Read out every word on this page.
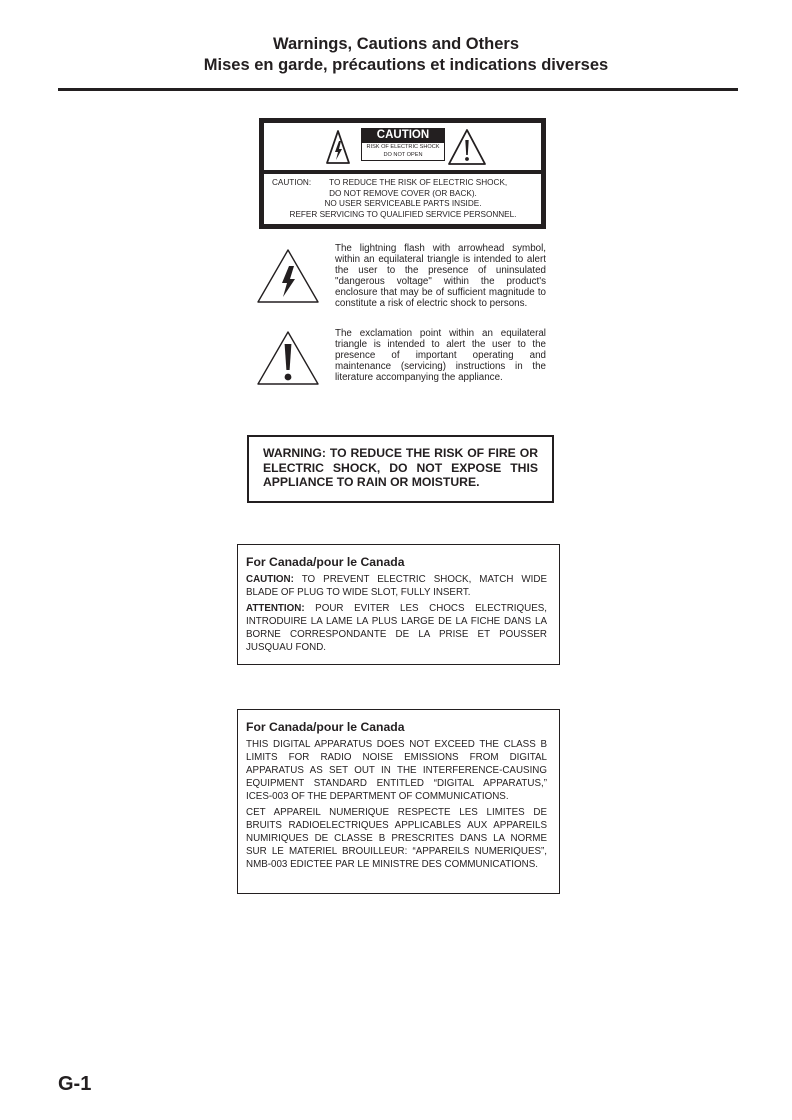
Warnings, Cautions and Others

Mises en garde, précautions et indications diverses

CAUTION
RISK OF ELECTRIC SHOCK
DO NOT OPEN
CAUTION:        TO REDUCE THE RISK OF ELECTRIC SHOCK,
DO NOT REMOVE COVER (OR BACK).
NO USER SERVICEABLE PARTS INSIDE.
REFER SERVICING TO QUALIFIED SERVICE PERSONNEL.

The lightning flash with arrowhead symbol, within an equilateral triangle is intended to alert the user to the presence of uninsulated "dangerous voltage" within the product's enclosure that may be of sufficient magnitude to constitute a risk of electric shock to persons.

The exclamation point within an equilateral triangle is intended to alert the user to the presence of important operating and maintenance (servicing) instructions in the literature accompanying the appliance.

WARNING: TO REDUCE THE RISK OF FIRE OR ELECTRIC SHOCK, DO NOT EXPOSE THIS APPLIANCE TO RAIN OR MOISTURE.

For Canada/pour le Canada

CAUTION: TO PREVENT ELECTRIC SHOCK, MATCH WIDE BLADE OF PLUG TO WIDE SLOT, FULLY INSERT.

ATTENTION: POUR EVITER LES CHOCS ELECTRIQUES, INTRODUIRE LA LAME LA PLUS LARGE DE LA FICHE DANS LA BORNE CORRESPONDANTE DE LA PRISE ET POUSSER JUSQUAU FOND.

For Canada/pour le Canada

THIS DIGITAL APPARATUS DOES NOT EXCEED THE CLASS B LIMITS FOR RADIO NOISE EMISSIONS FROM DIGITAL APPARATUS AS SET OUT IN THE INTERFERENCE-CAUSING EQUIPMENT STANDARD ENTITLED “DIGITAL APPARATUS,” ICES-003 OF THE DEPARTMENT OF COMMUNICATIONS.

CET APPAREIL NUMERIQUE RESPECTE LES LIMITES DE BRUITS RADIOELECTRIQUES APPLICABLES AUX APPAREILS NUMIRIQUES DE CLASSE B PRESCRITES DANS LA NORME SUR LE MATERIEL BROUILLEUR: “APPAREILS NUMERIQUES”, NMB-003 EDICTEE PAR LE MINISTRE DES COMMUNICATIONS.

G-1
